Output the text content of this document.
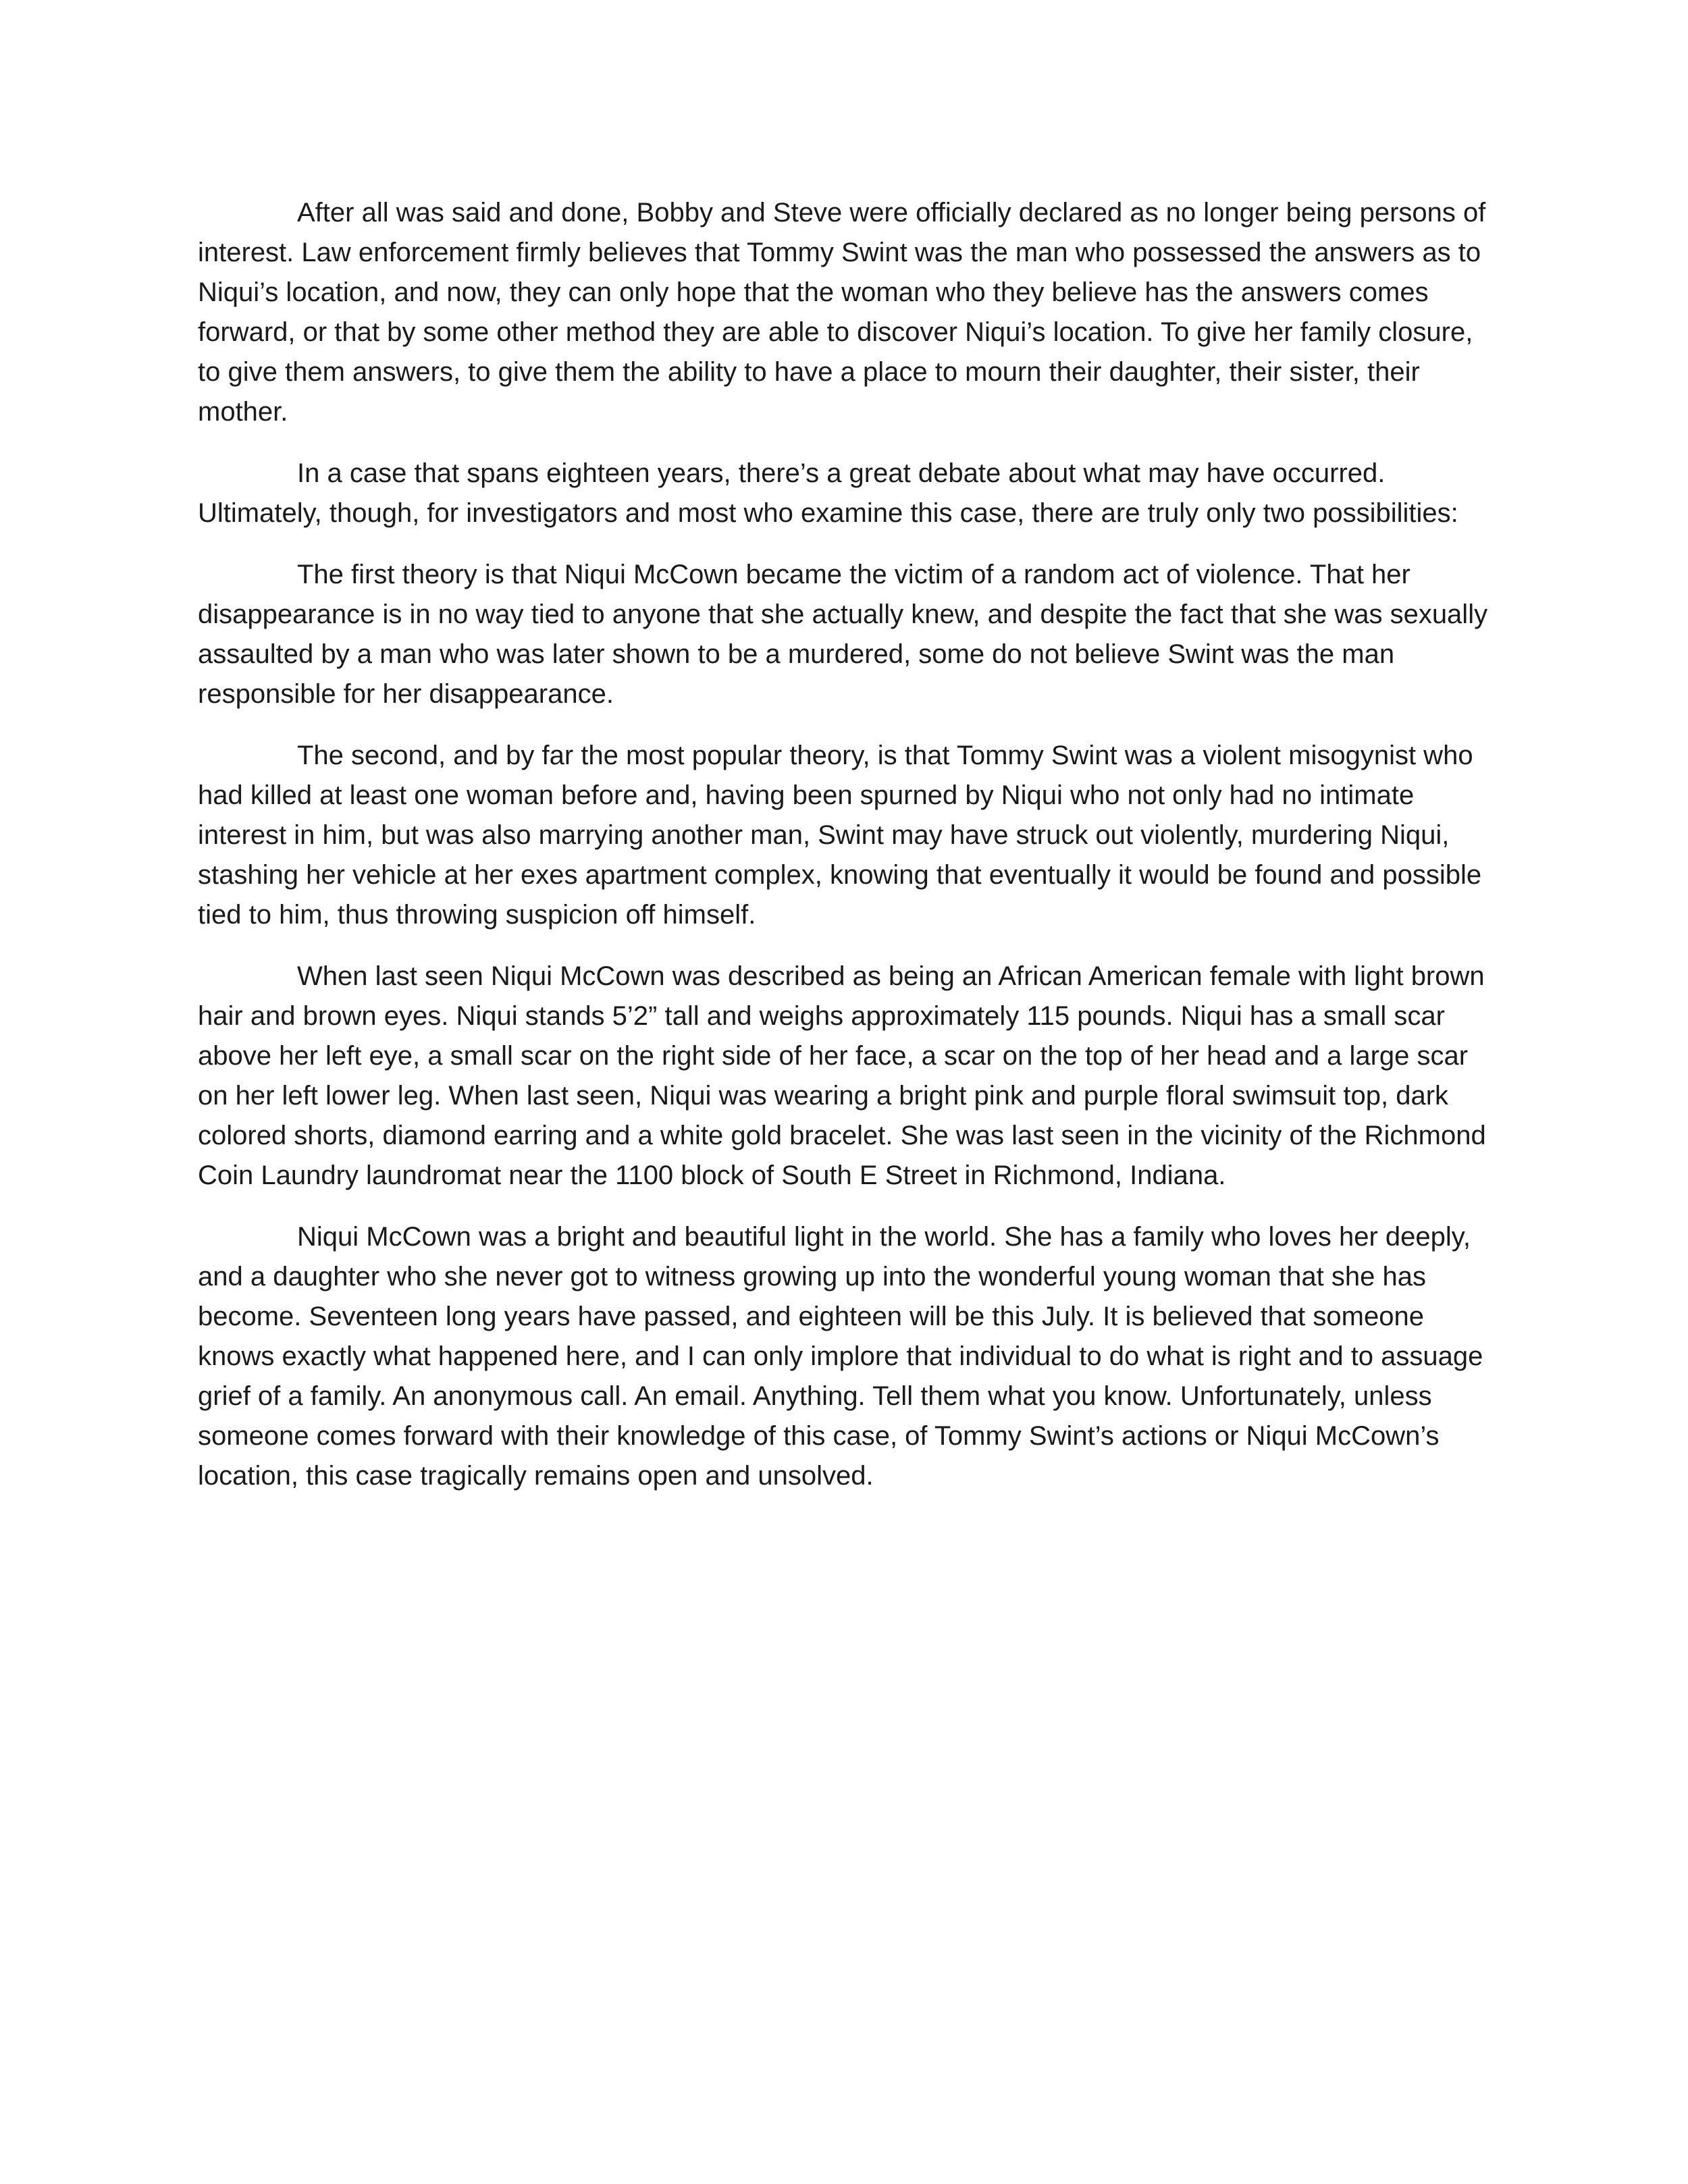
After all was said and done, Bobby and Steve were officially declared as no longer being persons of interest. Law enforcement firmly believes that Tommy Swint was the man who possessed the answers as to Niqui’s location, and now, they can only hope that the woman who they believe has the answers comes forward, or that by some other method they are able to discover Niqui’s location. To give her family closure, to give them answers, to give them the ability to have a place to mourn their daughter, their sister, their mother.

In a case that spans eighteen years, there’s a great debate about what may have occurred. Ultimately, though, for investigators and most who examine this case, there are truly only two possibilities:

The first theory is that Niqui McCown became the victim of a random act of violence. That her disappearance is in no way tied to anyone that she actually knew, and despite the fact that she was sexually assaulted by a man who was later shown to be a murdered, some do not believe Swint was the man responsible for her disappearance.

The second, and by far the most popular theory, is that Tommy Swint was a violent misogynist who had killed at least one woman before and, having been spurned by Niqui who not only had no intimate interest in him, but was also marrying another man, Swint may have struck out violently, murdering Niqui, stashing her vehicle at her exes apartment complex, knowing that eventually it would be found and possible tied to him, thus throwing suspicion off himself.

When last seen Niqui McCown was described as being an African American female with light brown hair and brown eyes. Niqui stands 5’2” tall and weighs approximately 115 pounds. Niqui has a small scar above her left eye, a small scar on the right side of her face, a scar on the top of her head and a large scar on her left lower leg. When last seen, Niqui was wearing a bright pink and purple floral swimsuit top, dark colored shorts, diamond earring and a white gold bracelet. She was last seen in the vicinity of the Richmond Coin Laundry laundromat near the 1100 block of South E Street in Richmond, Indiana.

Niqui McCown was a bright and beautiful light in the world. She has a family who loves her deeply, and a daughter who she never got to witness growing up into the wonderful young woman that she has become. Seventeen long years have passed, and eighteen will be this July. It is believed that someone knows exactly what happened here, and I can only implore that individual to do what is right and to assuage grief of a family. An anonymous call. An email. Anything. Tell them what you know. Unfortunately, unless someone comes forward with their knowledge of this case, of Tommy Swint’s actions or Niqui McCown’s location, this case tragically remains open and unsolved.
